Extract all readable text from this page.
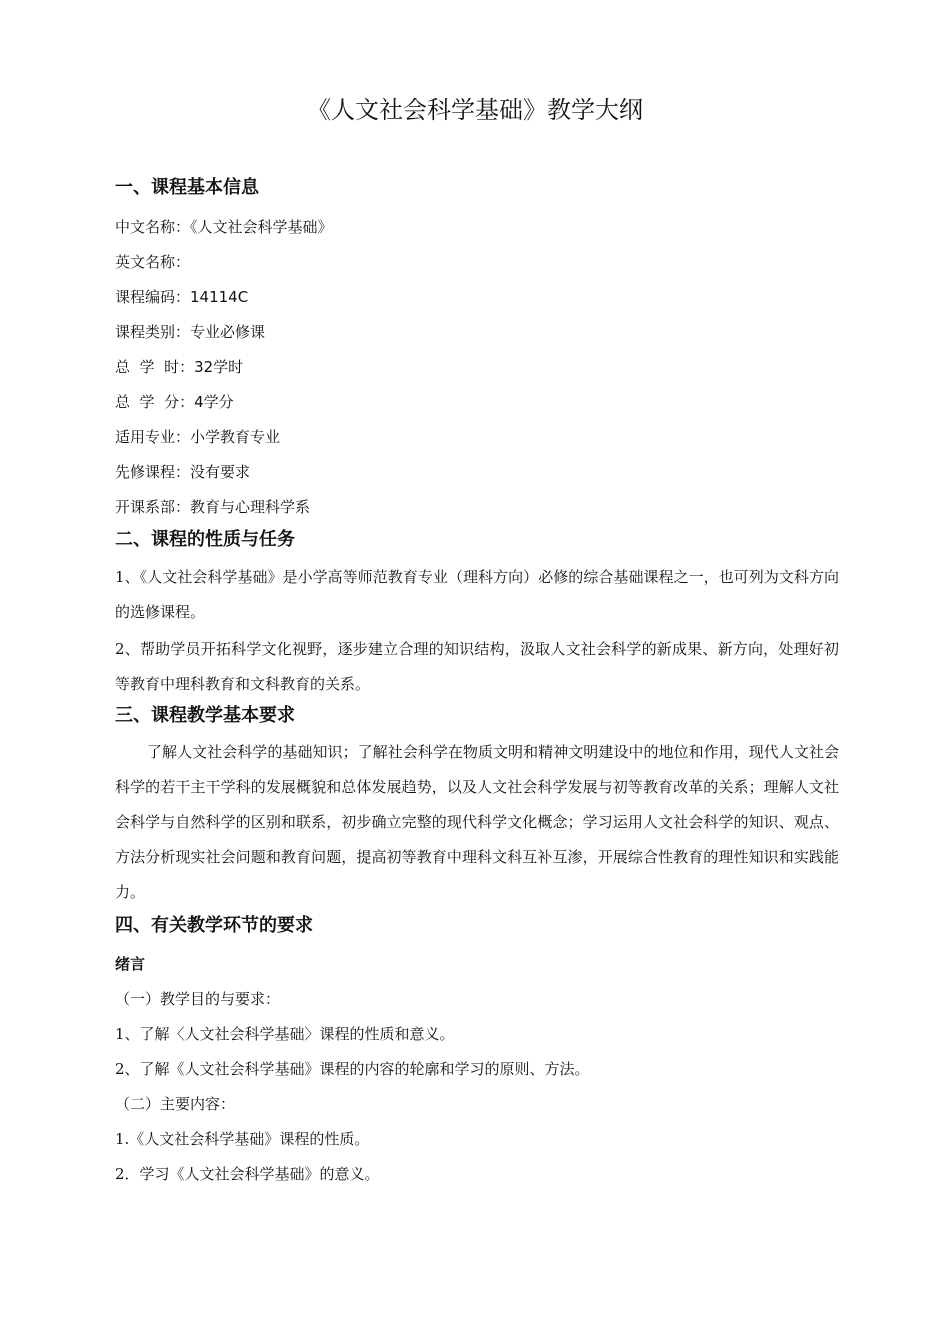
《人文社会科学基础》教学大纲
一、课程基本信息
中文名称：《人文社会科学基础》
英文名称：
课程编码：14114C
课程类别：专业必修课
总  学  时：32学时
总  学  分：4学分
适用专业：小学教育专业
先修课程：没有要求
开课系部：教育与心理科学系
二、课程的性质与任务
1、《人文社会科学基础》是小学高等师范教育专业（理科方向）必修的综合基础课程之一，也可列为文科方向的选修课程。
2、帮助学员开拓科学文化视野，逐步建立合理的知识结构，汲取人文社会科学的新成果、新方向，处理好初等教育中理科教育和文科教育的关系。
三、课程教学基本要求
了解人文社会科学的基础知识；了解社会科学在物质文明和精神文明建设中的地位和作用，现代人文社会科学的若干主干学科的发展概貌和总体发展趋势，以及人文社会科学发展与初等教育改革的关系；理解人文社会科学与自然科学的区别和联系，初步确立完整的现代科学文化概念；学习运用人文社会科学的知识、观点、方法分析现实社会问题和教育问题，提高初等教育中理科文科互补互渗，开展综合性教育的理性知识和实践能力。
四、有关教学环节的要求
绪言
（一）教学目的与要求：
1、了解〈人文社会科学基础〉课程的性质和意义。
2、了解《人文社会科学基础》课程的内容的轮廓和学习的原则、方法。
（二）主要内容：
1.《人文社会科学基础》课程的性质。
2．学习《人文社会科学基础》的意义。
